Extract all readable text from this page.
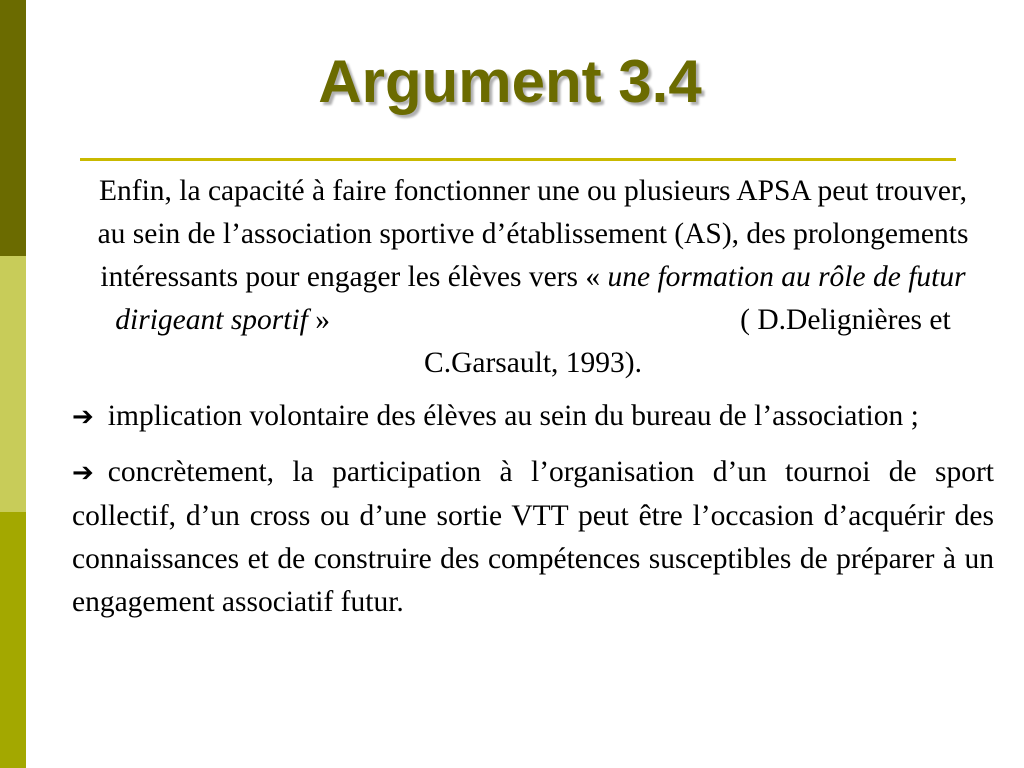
Argument 3.4

Enfin, la capacité à faire fonctionner une ou plusieurs APSA peut trouver, au sein de l’association sportive d’établissement (AS), des prolongements intéressants pour engager les élèves vers « une formation au rôle de futur dirigeant sportif »	( D.Delignières et C.Garsault, 1993).

➔ implication volontaire des élèves au sein du bureau de l’association ;

➔ concrètement, la participation à l’organisation d’un tournoi de sport collectif, d’un cross ou d’une sortie VTT peut être l’occasion d’acquérir des connaissances et de construire des compétences susceptibles de préparer à un engagement associatif futur.
